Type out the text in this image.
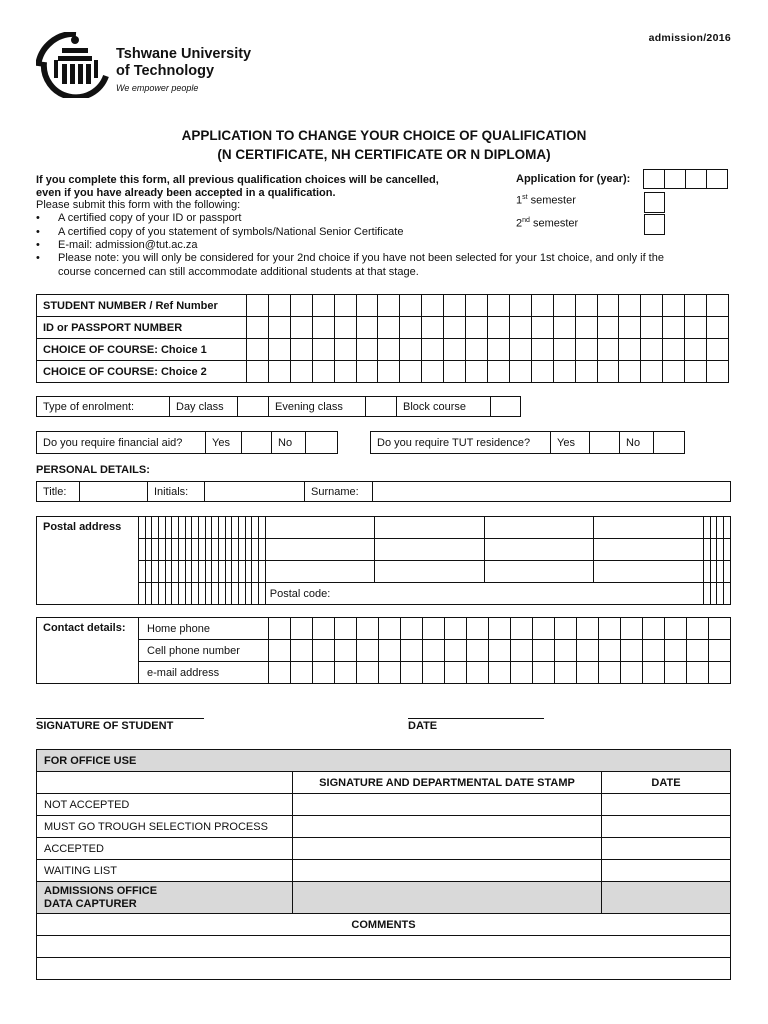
admission/2016
Tshwane University
of Technology
We empower people
APPLICATION TO CHANGE YOUR CHOICE OF QUALIFICATION
(N CERTIFICATE, NH CERTIFICATE OR N DIPLOMA)
If you complete this form, all previous qualification choices will be cancelled,
even if you have already been accepted in a qualification.
Please submit this form with the following:
• A certified copy of your ID or passport
• A certified copy of you statement of symbols/National Senior Certificate
• E-mail: admission@tut.ac.za
• Please note: you will only be considered for your 2nd choice if you have not been selected for your 1st choice, and only if the
course concerned can still accommodate additional students at that stage.
Application for (year):
1st semester
2nd semester
STUDENT NUMBER / Ref Number																						
ID or PASSPORT NUMBER																						
CHOICE OF COURSE: Choice 1																						
CHOICE OF COURSE: Choice 2																						
Type of enrolment:	Day class		Evening class		Block course	
Do you require financial aid?	Yes		No		Do you require TUT residence?	Yes		No	
PERSONAL DETAILS:
Title:		Initials:		Surname:	
Postal address																											

																				Postal code:							
Contact details:	Home phone																					
	Cell phone number																					
	e-mail address																					
SIGNATURE OF STUDENT	DATE
FOR OFFICE USE		
	SIGNATURE AND DEPARTMENTAL DATE STAMP	DATE
NOT ACCEPTED		
MUST GO TROUGH SELECTION PROCESS		
ACCEPTED		
WAITING LIST		

ADMISSIONS OFFICE
DATA CAPTURER		

COMMENTS		
